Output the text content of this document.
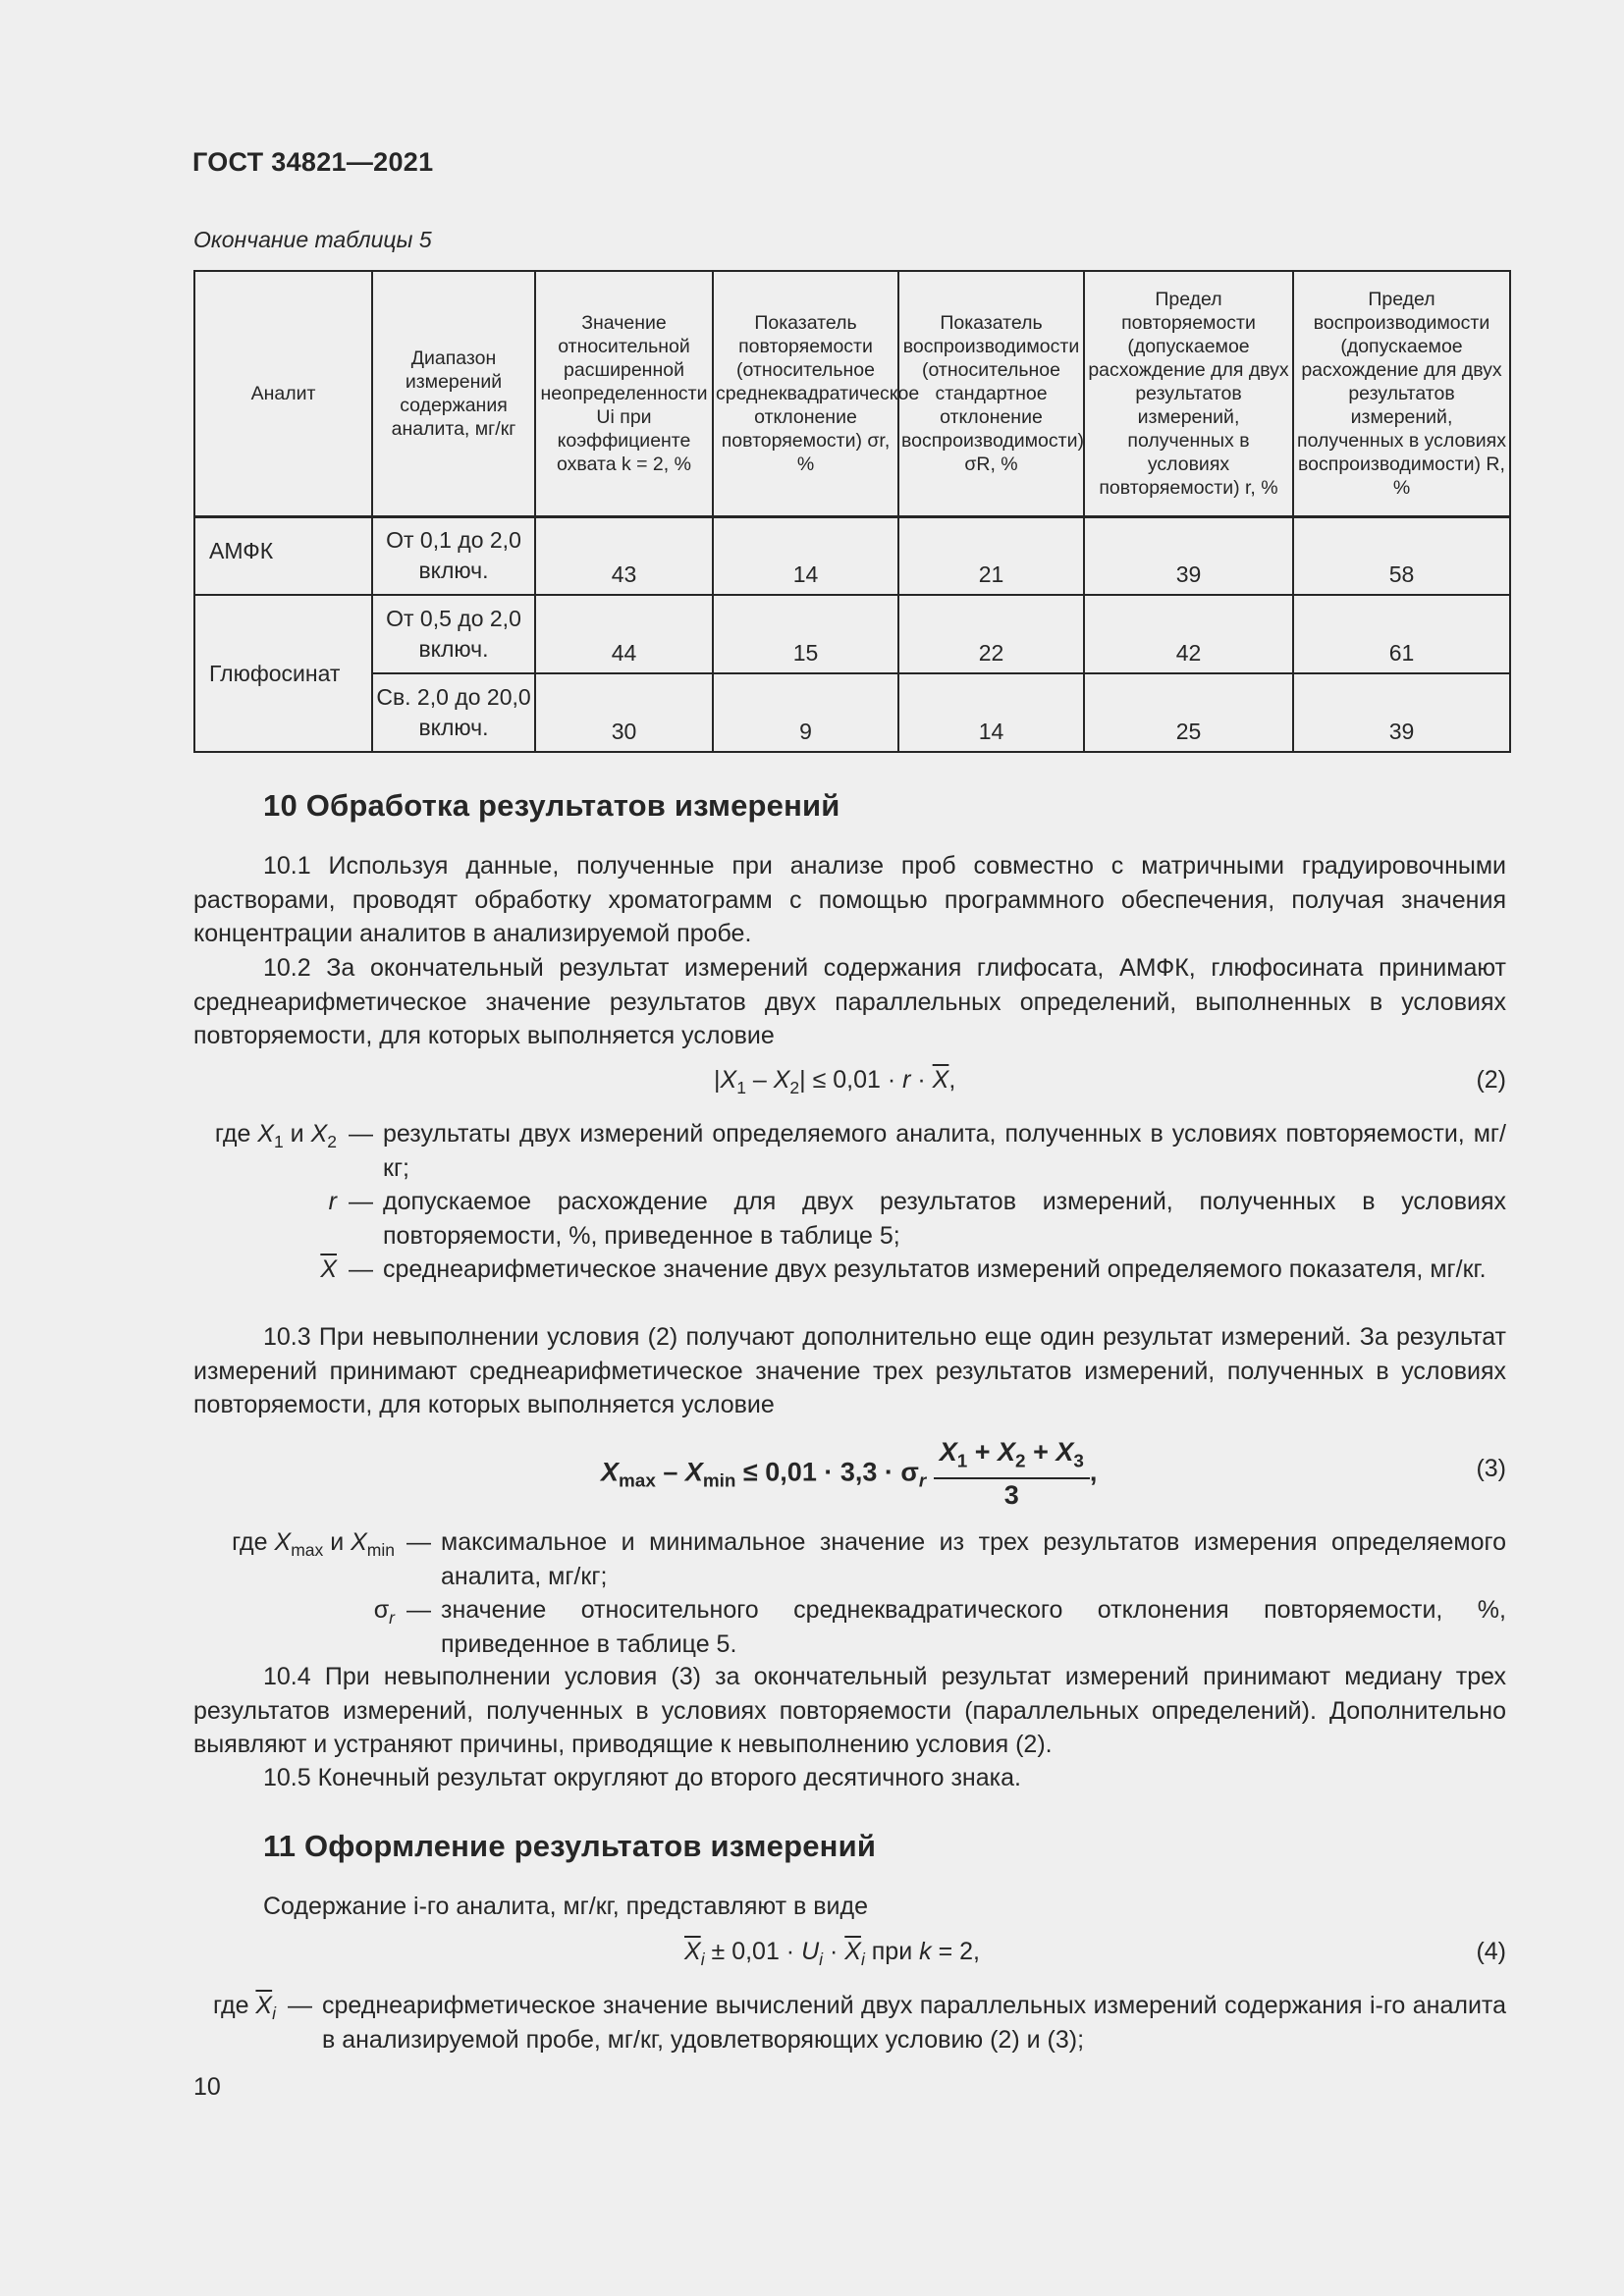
ГОСТ 34821—2021
Окончание таблицы 5
Аналит	Диапазон измерений содержания аналита, мг/кг	Значение относительной расширенной неопределенности Ui при коэффициенте охвата k = 2, %	Показатель повторяемости (относительное среднеквадратическое отклонение повторяемости) σr, %	Показатель воспроизводимости (относительное стандартное отклонение воспроизводимости) σR, %	Предел повторяемости (допускаемое расхождение для двух результатов измерений, полученных в условиях повторяемости) r, %	Предел воспроизводимости (допускаемое расхождение для двух результатов измерений, полученных в условиях воспроизводимости) R, %
АМФК	От 0,1 до 2,0 включ.	43	14	21	39	58
Глюфосинат	От 0,5 до 2,0 включ.	44	15	22	42	61
	Св. 2,0 до 20,0 включ.	30	9	14	25	39
10 Обработка результатов измерений
10.1 Используя данные, полученные при анализе проб совместно с матричными градуировочными растворами, проводят обработку хроматограмм с помощью программного обеспечения, получая значения концентрации аналитов в анализируемой пробе.
10.2 За окончательный результат измерений содержания глифосата, АМФК, глюфосината принимают среднеарифметическое значение результатов двух параллельных определений, выполненных в условиях повторяемости, для которых выполняется условие
$|X_1 - X_2| \le 0,01 \cdot r \cdot \overline{X}$,	(2)
где $X_1$ и $X_2$ — результаты двух измерений определяемого аналита, полученных в условиях повторяемости, мг/кг;
r — допускаемое расхождение для двух результатов измерений, полученных в условиях повторяемости, %, приведенное в таблице 5;
$\overline{X}$ — среднеарифметическое значение двух результатов измерений определяемого показателя, мг/кг.
10.3 При невыполнении условия (2) получают дополнительно еще один результат измерений. За результат измерений принимают среднеарифметическое значение трех результатов измерений, полученных в условиях повторяемости, для которых выполняется условие
$X_{max} - X_{min} \le 0,01 \cdot 3,3 \cdot \sigma_r \frac{X_1 + X_2 + X_3}{3}$ ,	(3)
где $X_{max}$ и $X_{min}$ — максимальное и минимальное значение из трех результатов измерения определяемого аналита, мг/кг;
$\sigma_r$ — значение относительного среднеквадратического отклонения повторяемости, %, приведенное в таблице 5.
10.4 При невыполнении условия (3) за окончательный результат измерений принимают медиану трех результатов измерений, полученных в условиях повторяемости (параллельных определений). Дополнительно выявляют и устраняют причины, приводящие к невыполнению условия (2).
10.5 Конечный результат округляют до второго десятичного знака.
11 Оформление результатов измерений
Содержание i-го аналита, мг/кг, представляют в виде
$\overline{X}_i \pm 0,01 \cdot U_i \cdot \overline{X}_i$ при k = 2,	(4)
где $\overline{X}_i$ — среднеарифметическое значение вычислений двух параллельных измерений содержания i-го аналита в анализируемой пробе, мг/кг, удовлетворяющих условию (2) и (3);
10
